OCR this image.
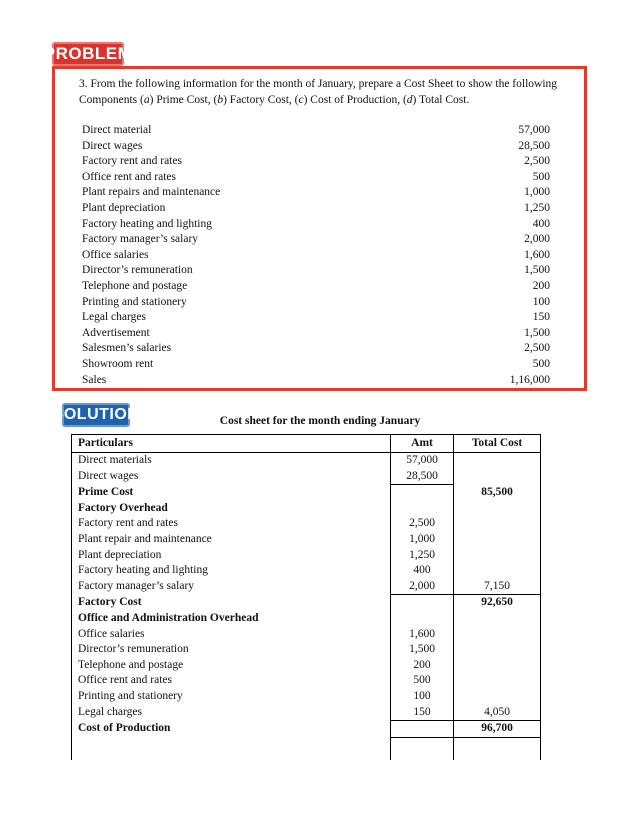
PROBLEM
3. From the following information for the month of January, prepare a Cost Sheet to show the following Components (a) Prime Cost, (b) Factory Cost, (c) Cost of Production, (d) Total Cost.
Direct material	57,000
Direct wages	28,500
Factory rent and rates	2,500
Office rent and rates	500
Plant repairs and maintenance	1,000
Plant depreciation	1,250
Factory heating and lighting	400
Factory manager’s salary	2,000
Office salaries	1,600
Director’s remuneration	1,500
Telephone and postage	200
Printing and stationery	100
Legal charges	150
Advertisement	1,500
Salesmen’s salaries	2,500
Showroom rent	500
Sales	1,16,000
SOLUTION	Cost sheet for the month ending January
Particulars	Amt	Total Cost
Direct materials	57,000	
Direct wages	28,500	
Prime Cost		85,500
Factory Overhead		
Factory rent and rates	2,500	
Plant repair and maintenance	1,000	
Plant depreciation	1,250	
Factory heating and lighting	400	
Factory manager’s salary	2,000	7,150
Factory Cost		92,650
Office and Administration Overhead		
Office salaries	1,600	
Director’s remuneration	1,500	
Telephone and postage	200	
Office rent and rates	500	
Printing and stationery	100	
Legal charges	150	4,050
Cost of Production		96,700
